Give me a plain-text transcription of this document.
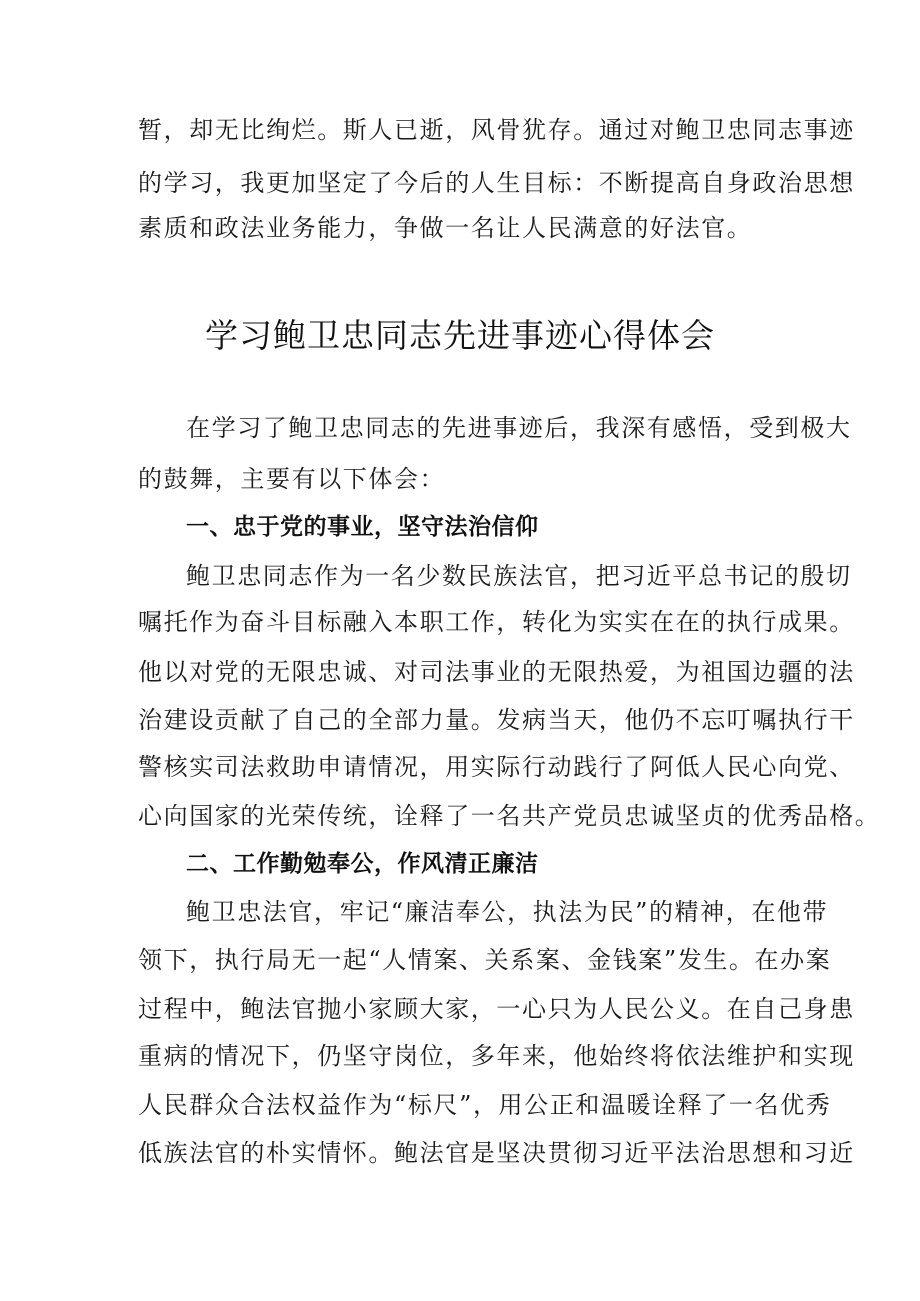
暂，却无比绚烂。斯人已逝，风骨犹存。通过对鲍卫忠同志事迹
的学习，我更加坚定了今后的人生目标：不断提高自身政治思想
素质和政法业务能力，争做一名让人民满意的好法官。
学习鲍卫忠同志先进事迹心得体会
在学习了鲍卫忠同志的先进事迹后，我深有感悟，受到极大
的鼓舞，主要有以下体会：
一、忠于党的事业，坚守法治信仰
鲍卫忠同志作为一名少数民族法官，把习近平总书记的殷切
嘱托作为奋斗目标融入本职工作，转化为实实在在的执行成果。
他以对党的无限忠诚、对司法事业的无限热爱，为祖国边疆的法
治建设贡献了自己的全部力量。发病当天，他仍不忘叮嘱执行干
警核实司法救助申请情况，用实际行动践行了阿低人民心向党、
心向国家的光荣传统，诠释了一名共产党员忠诚坚贞的优秀品格。
二、工作勤勉奉公，作风清正廉洁
鲍卫忠法官，牢记“廉洁奉公，执法为民”的精神，在他带
领下，执行局无一起“人情案、关系案、金钱案”发生。在办案
过程中，鲍法官抛小家顾大家，一心只为人民公义。在自己身患
重病的情况下，仍坚守岗位，多年来，他始终将依法维护和实现
人民群众合法权益作为“标尺”，用公正和温暖诠释了一名优秀
低族法官的朴实情怀。鲍法官是坚决贯彻习近平法治思想和习近
